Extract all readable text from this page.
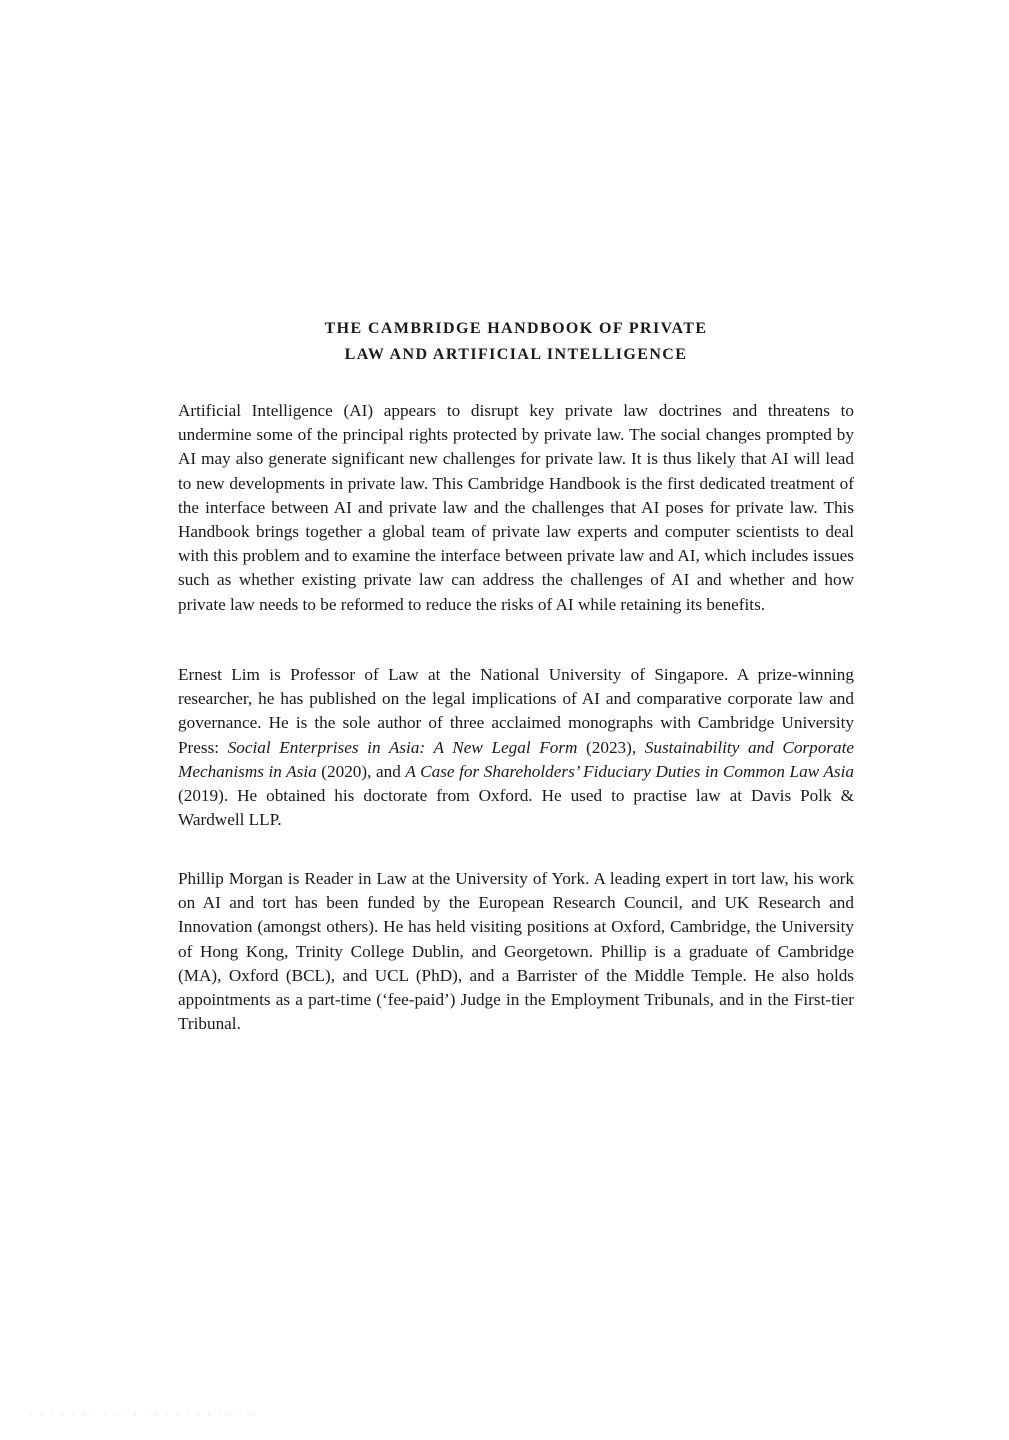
THE CAMBRIDGE HANDBOOK OF PRIVATE
LAW AND ARTIFICIAL INTELLIGENCE

Artificial Intelligence (AI) appears to disrupt key private law doctrines and threatens to undermine some of the principal rights protected by private law. The social changes prompted by AI may also generate significant new challenges for private law. It is thus likely that AI will lead to new developments in private law. This Cambridge Handbook is the first dedicated treatment of the interface between AI and private law and the challenges that AI poses for private law. This Handbook brings together a global team of private law experts and computer scientists to deal with this problem and to examine the interface between private law and AI, which includes issues such as whether existing private law can address the challenges of AI and whether and how private law needs to be reformed to reduce the risks of AI while retaining its benefits.

Ernest Lim is Professor of Law at the National University of Singapore. A prize-winning researcher, he has published on the legal implications of AI and comparative corporate law and governance. He is the sole author of three acclaimed monographs with Cambridge University Press: Social Enterprises in Asia: A New Legal Form (2023), Sustainability and Corporate Mechanisms in Asia (2020), and A Case for Shareholders’ Fiduciary Duties in Common Law Asia (2019). He obtained his doctorate from Oxford. He used to practise law at Davis Polk & Wardwell LLP.

Phillip Morgan is Reader in Law at the University of York. A leading expert in tort law, his work on AI and tort has been funded by the European Research Council, and UK Research and Innovation (amongst others). He has held visiting positions at Oxford, Cambridge, the University of Hong Kong, Trinity College Dublin, and Georgetown. Phillip is a graduate of Cambridge (MA), Oxford (BCL), and UCL (PhD), and a Barrister of the Middle Temple. He also holds appointments as a part-time (‘fee-paid’) Judge in the Employment Tribunals, and in the First-tier Tribunal.

· · · · · · · · · · · · · · · · · · · · · ·
